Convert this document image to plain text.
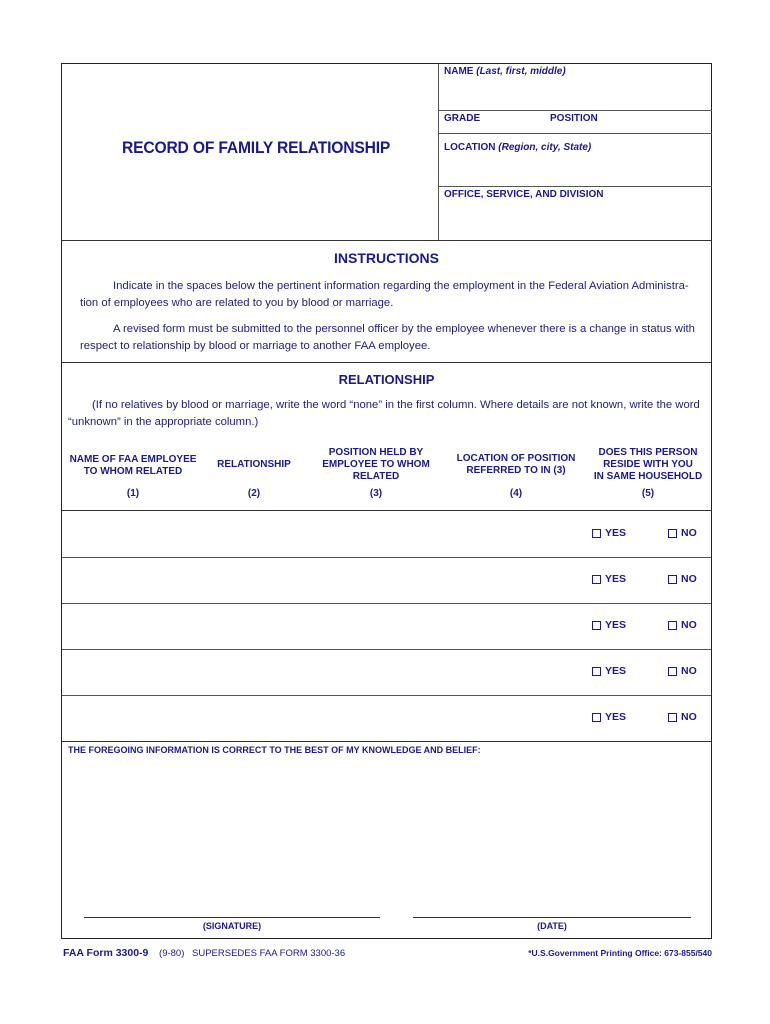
NAME (Last, first, middle)
GRADE	POSITION
RECORD OF FAMILY RELATIONSHIP	LOCATION (Region, city, State)
OFFICE, SERVICE, AND DIVISION
INSTRUCTIONS
Indicate in the spaces below the pertinent information regarding the employment in the Federal Aviation Administra-
tion of employees who are related to you by blood or marriage.
A revised form must be submitted to the personnel officer by the employee whenever there is a change in status with
respect to relationship by blood or marriage to another FAA employee.
RELATIONSHIP
(If no relatives by blood or marriage, write the word “none” in the first column. Where details are not known, write the word
“unknown” in the appropriate column.)
NAME OF FAA EMPLOYEE
TO WHOM RELATED
(1)
RELATIONSHIP
(2)
POSITION HELD BY
EMPLOYEE TO WHOM
RELATED
(3)
LOCATION OF POSITION
REFERRED TO IN (3)
(4)
DOES THIS PERSON
RESIDE WITH YOU
IN SAME HOUSEHOLD
(5)
YES	NO
YES	NO
YES	NO
YES	NO
YES	NO
THE FOREGOING INFORMATION IS CORRECT TO THE BEST OF MY KNOWLEDGE AND BELIEF:
(SIGNATURE)	(DATE)
FAA Form 3300-9 (9-80) SUPERSEDES FAA FORM 3300-36	*U.S.Government Printing Office: 673-855/540
